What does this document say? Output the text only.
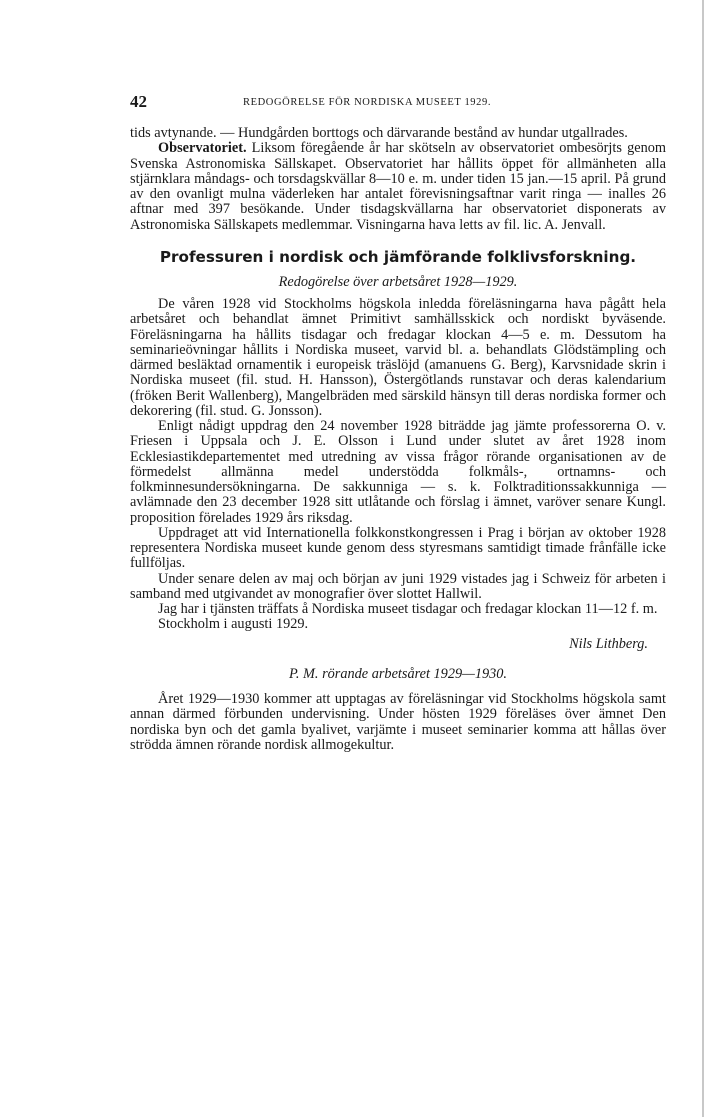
42	REDOGÖRELSE FÖR NORDISKA MUSEET 1929.

tids avtynande. — Hundgården borttogs och därvarande bestånd av hundar utgallrades.

Observatoriet. Liksom föregående år har skötseln av observatoriet ombesörjts genom Svenska Astronomiska Sällskapet. Observatoriet har hållits öppet för allmänheten alla stjärnklara måndags- och torsdagskvällar 8—10 e. m. under tiden 15 jan.—15 april. På grund av den ovanligt mulna väderleken har antalet förevisningsaftnar varit ringa — inalles 26 aftnar med 397 besökande. Under tisdagskvällarna har observatoriet disponerats av Astronomiska Sällskapets medlemmar. Visningarna hava letts av fil. lic. A. Jenvall.

Professuren i nordisk och jämförande folklivsforskning.

Redogörelse över arbetsåret 1928—1929.

De våren 1928 vid Stockholms högskola inledda föreläsningarna hava pågått hela arbetsåret och behandlat ämnet Primitivt samhällsskick och nordiskt byväsende. Föreläsningarna ha hållits tisdagar och fredagar klockan 4—5 e. m. Dessutom ha seminarieövningar hållits i Nordiska museet, varvid bl. a. behandlats Glödstämpling och därmed besläktad ornamentik i europeisk träslöjd (amanuens G. Berg), Karvsnidade skrin i Nordiska museet (fil. stud. H. Hansson), Östergötlands runstavar och deras kalendarium (fröken Berit Wallenberg), Mangelbräden med särskild hänsyn till deras nordiska former och dekorering (fil. stud. G. Jonsson).

Enligt nådigt uppdrag den 24 november 1928 biträdde jag jämte professorerna O. v. Friesen i Uppsala och J. E. Olsson i Lund under slutet av året 1928 inom Ecklesiastikdepartementet med utredning av vissa frågor rörande organisationen av de förmedelst allmänna medel understödda folkmåls-, ortnamns- och folkminnesundersökningarna. De sakkunniga — s. k. Folktraditionssakkunniga — avlämnade den 23 december 1928 sitt utlåtande och förslag i ämnet, varöver senare Kungl. proposition förelades 1929 års riksdag.

Uppdraget att vid Internationella folkkonstkongressen i Prag i början av oktober 1928 representera Nordiska museet kunde genom dess styresmans samtidigt timade frånfälle icke fullföljas.

Under senare delen av maj och början av juni 1929 vistades jag i Schweiz för arbeten i samband med utgivandet av monografier över slottet Hallwil.

Jag har i tjänsten träffats å Nordiska museet tisdagar och fredagar klockan 11—12 f. m.

Stockholm i augusti 1929.

Nils Lithberg.

P. M. rörande arbetsåret 1929—1930.

Året 1929—1930 kommer att upptagas av föreläsningar vid Stockholms högskola samt annan därmed förbunden undervisning. Under hösten 1929 föreläses över ämnet Den nordiska byn och det gamla byalivet, varjämte i museet seminarier komma att hållas över strödda ämnen rörande nordisk allmogekultur.
